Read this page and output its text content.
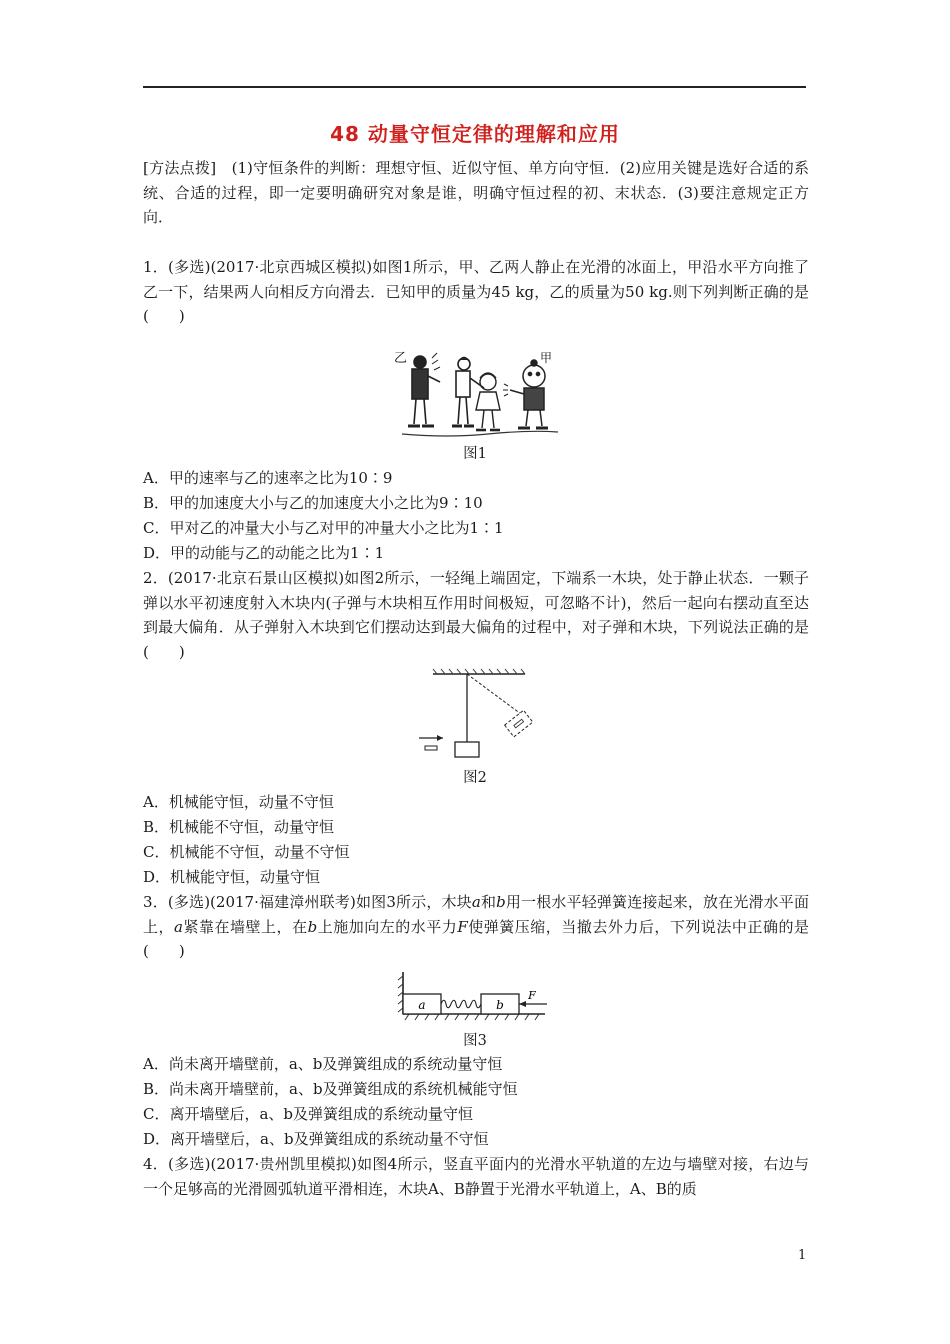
48 动量守恒定律的理解和应用
[方法点拨]　(1)守恒条件的判断：理想守恒、近似守恒、单方向守恒．(2)应用关键是选好合适的系统、合适的过程，即一定要明确研究对象是谁，明确守恒过程的初、末状态．(3)要注意规定正方向．
1．(多选)(2017·北京西城区模拟)如图1所示，甲、乙两人静止在光滑的冰面上，甲沿水平方向推了乙一下，结果两人向相反方向滑去．已知甲的质量为45 kg，乙的质量为50 kg.则下列判断正确的是(　　)
乙	甲
图1
A．甲的速率与乙的速率之比为10∶9
B．甲的加速度大小与乙的加速度大小之比为9∶10
C．甲对乙的冲量大小与乙对甲的冲量大小之比为1∶1
D．甲的动能与乙的动能之比为1∶1
2．(2017·北京石景山区模拟)如图2所示，一轻绳上端固定，下端系一木块，处于静止状态．一颗子弹以水平初速度射入木块内(子弹与木块相互作用时间极短，可忽略不计)，然后一起向右摆动直至达到最大偏角．从子弹射入木块到它们摆动达到最大偏角的过程中，对子弹和木块，下列说法正确的是(　　)
图2
A．机械能守恒，动量不守恒
B．机械能不守恒，动量守恒
C．机械能不守恒，动量不守恒
D．机械能守恒，动量守恒
3．(多选)(2017·福建漳州联考)如图3所示，木块a和b用一根水平轻弹簧连接起来，放在光滑水平面上，a紧靠在墙壁上，在b上施加向左的水平力F使弹簧压缩，当撤去外力后，下列说法中正确的是(　　)
a	b
F
图3
A．尚未离开墙壁前，a、b及弹簧组成的系统动量守恒
B．尚未离开墙壁前，a、b及弹簧组成的系统机械能守恒
C．离开墙壁后，a、b及弹簧组成的系统动量守恒
D．离开墙壁后，a、b及弹簧组成的系统动量不守恒
4．(多选)(2017·贵州凯里模拟)如图4所示，竖直平面内的光滑水平轨道的左边与墙壁对接，右边与一个足够高的光滑圆弧轨道平滑相连，木块A、B静置于光滑水平轨道上，A、B的质
1
